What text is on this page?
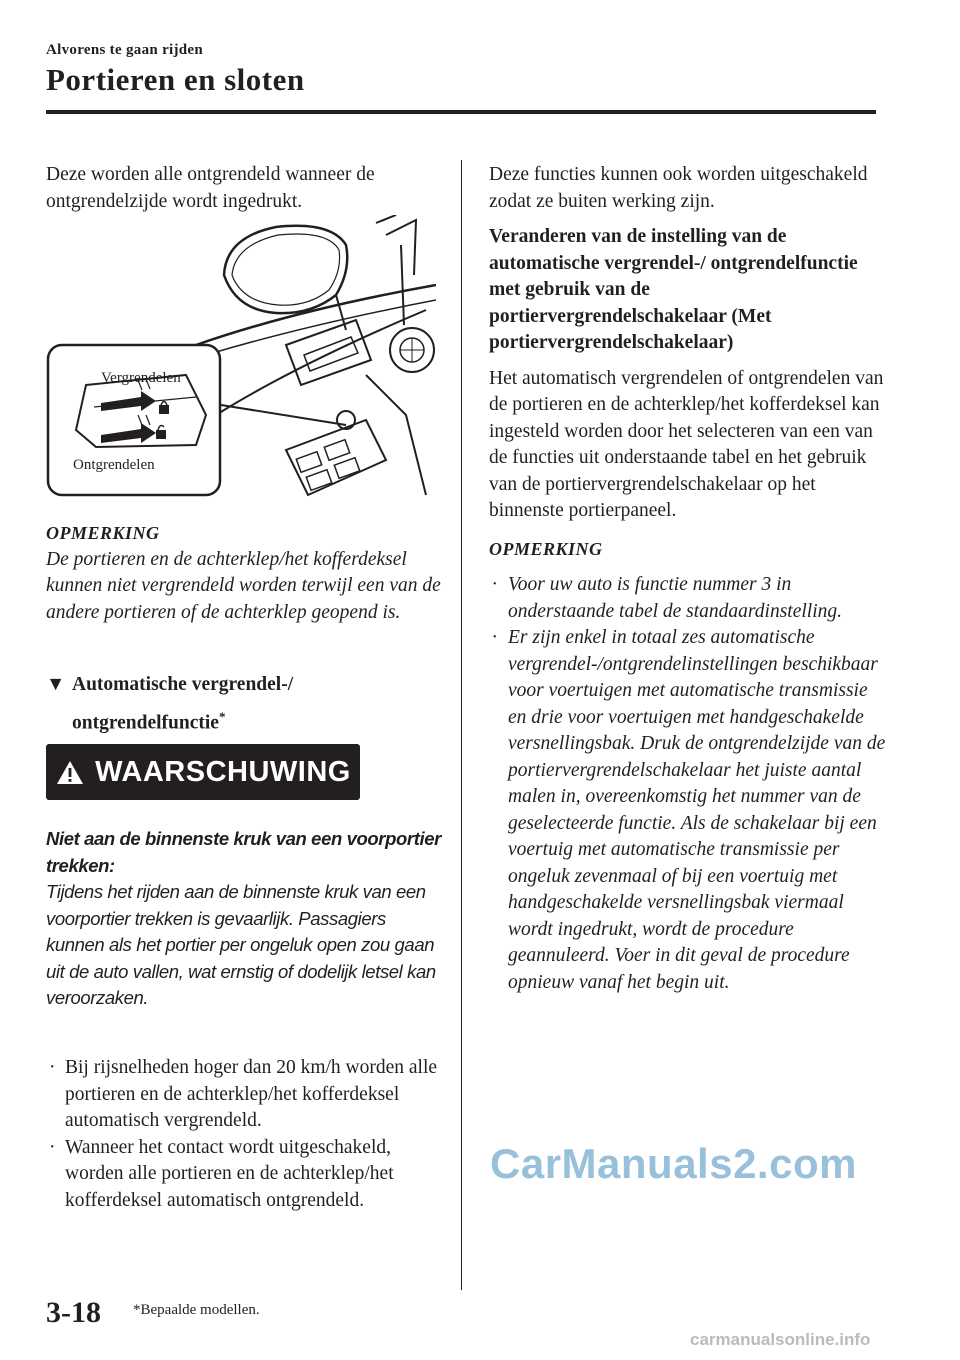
Alvorens te gaan rijden
Portieren en sloten

Deze worden alle ontgrendeld wanneer de ontgrendelzijde wordt ingedrukt.

Vergrendelen
Ontgrendelen

OPMERKING

De portieren en de achterklep/het kofferdeksel kunnen niet vergrendeld worden terwijl een van de andere portieren of de achterklep geopend is.

▼ Automatische vergrendel-/
ontgrendelfunctie*
WAARSCHUWING

Niet aan de binnenste kruk van een voorportier trekken:

Tijdens het rijden aan de binnenste kruk van een voorportier trekken is gevaarlijk. Passagiers kunnen als het portier per ongeluk open zou gaan uit de auto vallen, wat ernstig of dodelijk letsel kan veroorzaken.

· Bij rijsnelheden hoger dan 20 km/h worden alle portieren en de achterklep/het kofferdeksel automatisch vergrendeld.
· Wanneer het contact wordt uitgeschakeld, worden alle portieren en de achterklep/het kofferdeksel automatisch ontgrendeld.

Deze functies kunnen ook worden uitgeschakeld zodat ze buiten werking zijn.

Veranderen van de instelling van de automatische vergrendel-/ ontgrendelfunctie met gebruik van de portiervergrendelschakelaar (Met portiervergrendelschakelaar)

Het automatisch vergrendelen of ontgrendelen van de portieren en de achterklep/het kofferdeksel kan ingesteld worden door het selecteren van een van de functies uit onderstaande tabel en het gebruik van de portiervergrendelschakelaar op het binnenste portierpaneel.

OPMERKING

· Voor uw auto is functie nummer 3 in onderstaande tabel de standaardinstelling.
· Er zijn enkel in totaal zes automatische vergrendel-/ontgrendelinstellingen beschikbaar voor voertuigen met automatische transmissie en drie voor voertuigen met handgeschakelde versnellingsbak. Druk de ontgrendelzijde van de portiervergrendelschakelaar het juiste aantal malen in, overeenkomstig het nummer van de geselecteerde functie. Als de schakelaar bij een voertuig met automatische transmissie per ongeluk zevenmaal of bij een voertuig met handgeschakelde versnellingsbak viermaal wordt ingedrukt, wordt de procedure geannuleerd. Voer in dit geval de procedure opnieuw vanaf het begin uit.
3-18 *Bepaalde modellen.
CarManuals2.com
carmanualsonline.info
